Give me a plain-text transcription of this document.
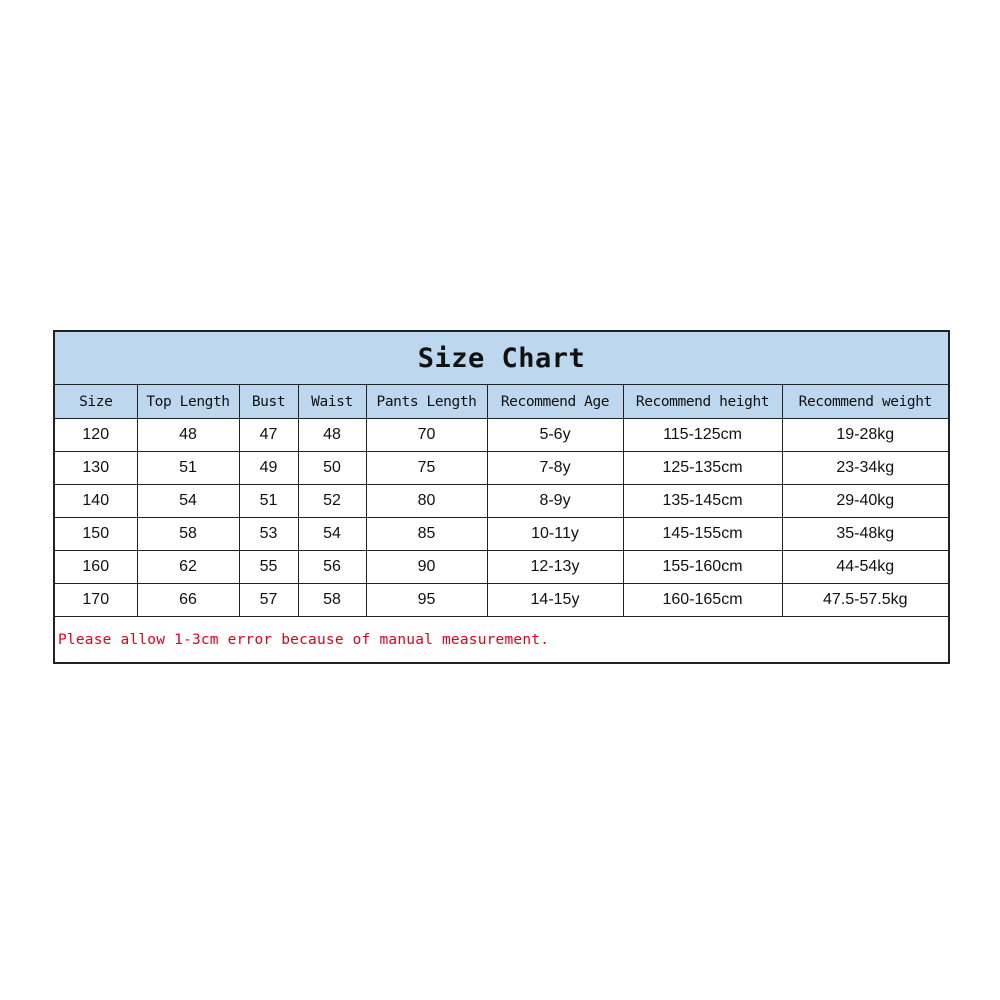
Size Chart							
Size	Top Length	Bust	Waist	Pants Length	Recommend Age	Recommend height	Recommend weight
120	48	47	48	70	5-6y	115-125cm	19-28kg
130	51	49	50	75	7-8y	125-135cm	23-34kg
140	54	51	52	80	8-9y	135-145cm	29-40kg
150	58	53	54	85	10-11y	145-155cm	35-48kg
160	62	55	56	90	12-13y	155-160cm	44-54kg
170	66	57	58	95	14-15y	160-165cm	47.5-57.5kg
Please allow 1-3cm error because of manual measurement.							
